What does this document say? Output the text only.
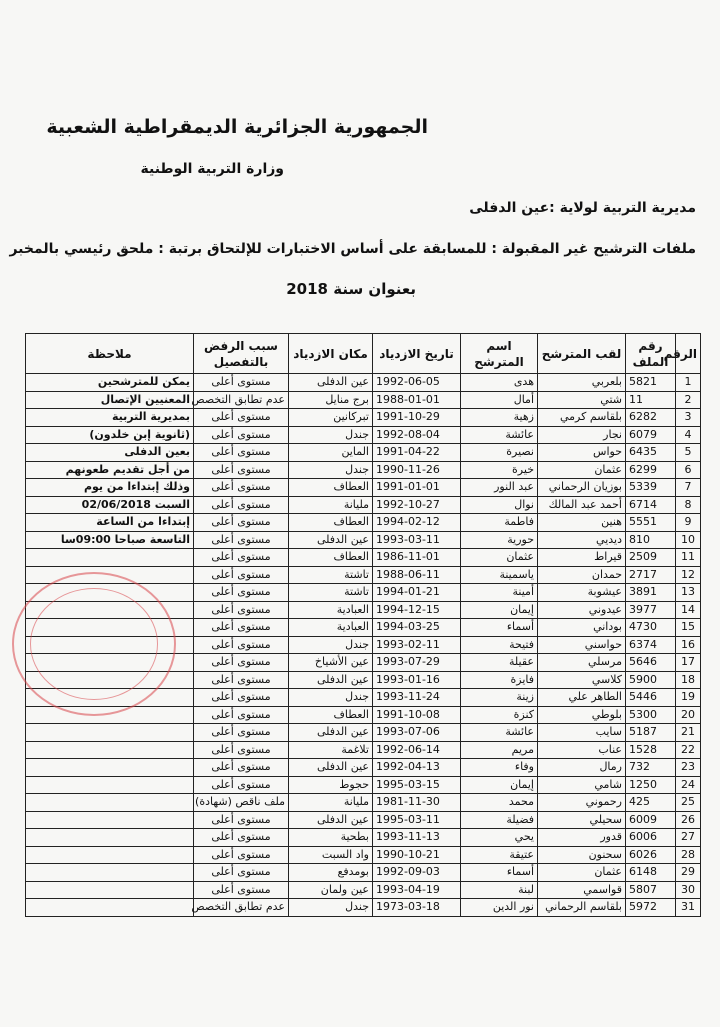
الجمهورية الجزائرية الديمقراطية الشعبية
وزارة التربية الوطنية
مديرية التربية لولاية :عين الدفلى
ملفات الترشيح غير المقبولة : للمسابقة على أساس الاختبارات للإلتحاق برتبة : ملحق رئيسي بالمخبر
بعنوان سنة 2018
الرقم	رقم الملف	لقب المترشح	اسم المترشح	تاريخ الازدياد	مكان الازدياد	سبب الرفض بالتفصيل	ملاحظة
1	5821	بلعربي	هدى	1992-06-05	عين الدفلى	مستوى أعلى	يمكن للمترشحين
2	11	شتي	أمال	1988-01-01	برج منايل	عدم تطابق التخصص	المعنيين الإتصال
3	6282	بلقاسم كرمي	زهية	1991-10-29	تبركانين	مستوى أعلى	بمديرية التربية
4	6079	نجار	عائشة	1992-08-04	جندل	مستوى أعلى	(ثانوية إبن خلدون)
5	6435	حواس	نصيرة	1991-04-22	الماين	مستوى أعلى	بعين الدفلى
6	6299	عثمان	خيرة	1990-11-26	جندل	مستوى أعلى	من أجل تقديم طعونهم
7	5339	بوزيان الرحماني	عبد النور	1991-01-01	العطاف	مستوى أعلى	وذلك إبتداءا من يوم
8	6714	أحمد عبد المالك	نوال	1992-10-27	مليانة	مستوى أعلى	السبت 02/06/2018
9	5551	هنين	فاطمة	1994-02-12	العطاف	مستوى أعلى	إبتداءا من الساعة
10	810	ديديي	حورية	1993-03-11	عين الدفلى	مستوى أعلى	التاسعة صباحا 09:00سا
11	2509	قيراط	عثمان	1986-11-01	العطاف	مستوى أعلى	
12	2717	حمدان	ياسمينة	1988-06-11	تاشتة	مستوى أعلى	
13	3891	عيشوبة	أمينة	1994-01-21	تاشتة	مستوى أعلى	
14	3977	عيدوني	إيمان	1994-12-15	العبادية	مستوى أعلى	
15	4730	بوداني	أسماء	1994-03-25	العبادية	مستوى أعلى	
16	6374	حواسني	فتيحة	1993-02-11	جندل	مستوى أعلى	
17	5646	مرسلي	عقيلة	1993-07-29	عين الأشياخ	مستوى أعلى	
18	5900	كلاسي	فايزة	1993-01-16	عين الدفلى	مستوى أعلى	
19	5446	الطاهر علي	زينة	1993-11-24	جندل	مستوى أعلى	
20	5300	بلوطي	كنزة	1991-10-08	العطاف	مستوى أعلى	
21	5187	سايب	عائشة	1993-07-06	عين الدفلى	مستوى أعلى	
22	1528	عناب	مريم	1992-06-14	تلاغمة	مستوى أعلى	
23	732	رمال	وفاء	1992-04-13	عين الدفلى	مستوى أعلى	
24	1250	شامي	إيمان	1995-03-15	حجوط	مستوى أعلى	
25	425	رحموني	محمد	1981-11-30	مليانة	ملف ناقص (شهادة)	
26	6009	سحيلي	فضيلة	1995-03-11	عين الدفلى	مستوى أعلى	
27	6006	قدور	يحي	1993-11-13	بطحية	مستوى أعلى	
28	6026	سحنون	عتيقة	1990-10-21	واد السبت	مستوى أعلى	
29	6148	عثمان	أسماء	1992-09-03	بومدفع	مستوى أعلى	
30	5807	قواسمي	لبنة	1993-04-19	عين ولمان	مستوى أعلى	
31	5972	بلقاسم الرحماني	نور الدين	1973-03-18	جندل	عدم تطابق التخصص	
